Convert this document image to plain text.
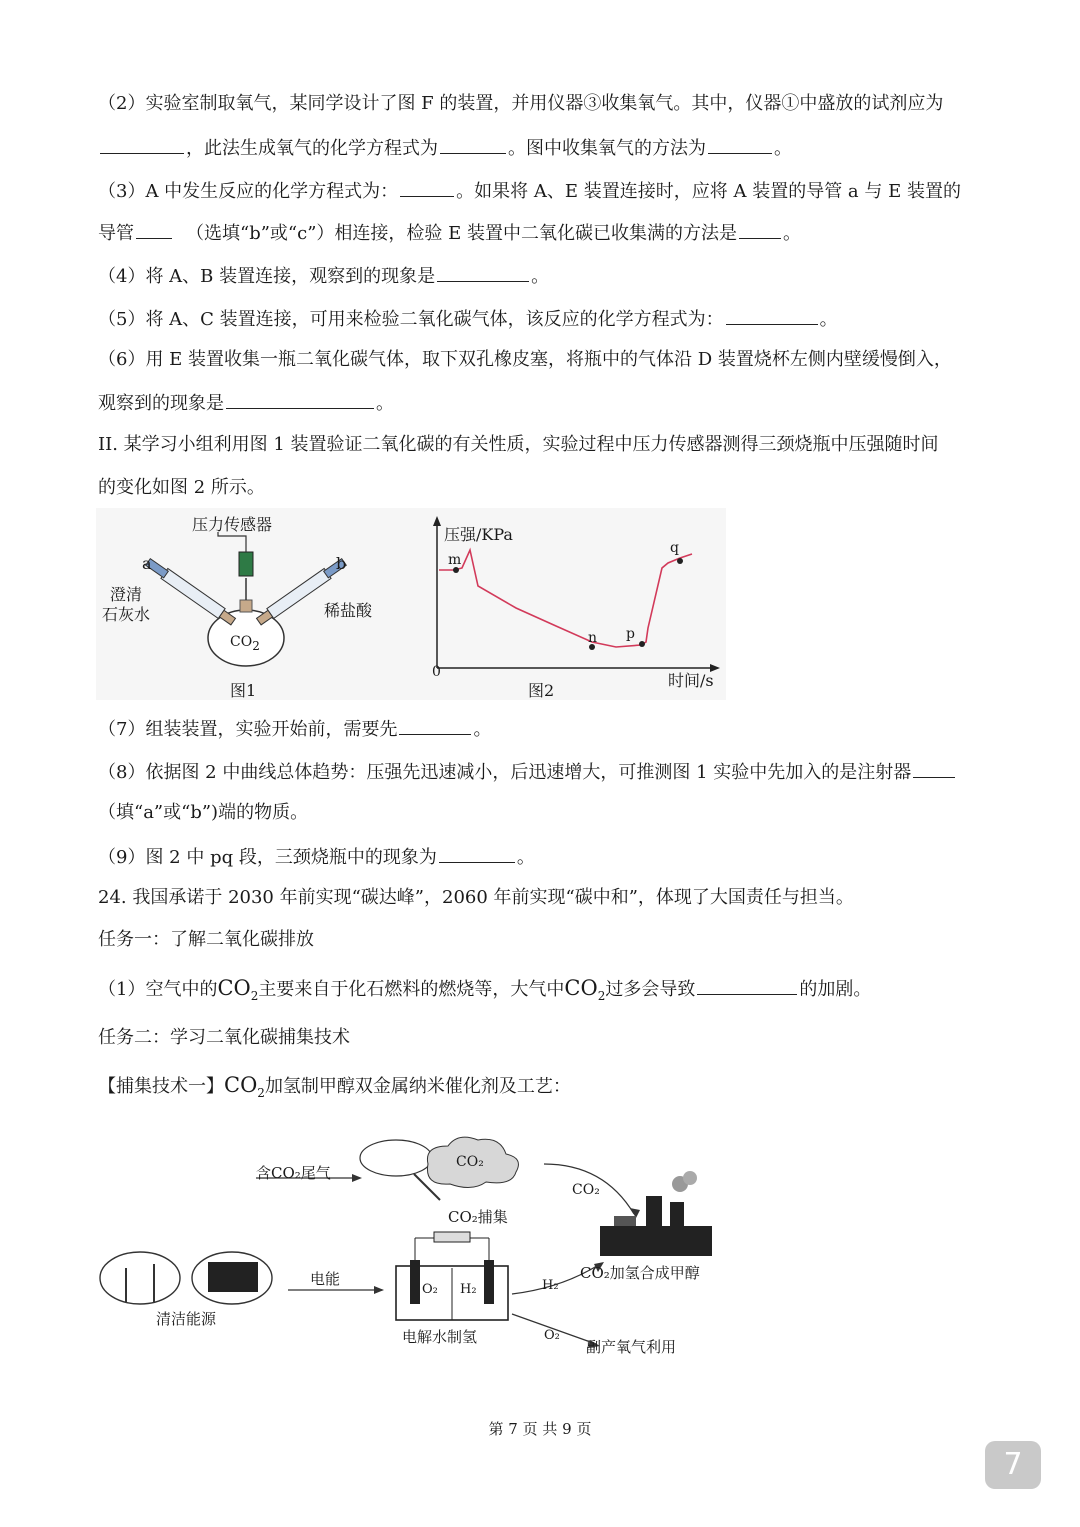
（2）实验室制取氧气，某同学设计了图 F 的装置，并用仪器③收集氧气。其中，仪器①中盛放的试剂应为
，此法生成氧气的化学方程式为	。图中收集氧气的方法为	。
（3）A 中发生反应的化学方程式为：	。如果将 A、E 装置连接时，应将 A 装置的导管 a 与 E 装置的
导管	（选填“b”或“c”）相连接，检验 E 装置中二氧化碳已收集满的方法是	。
（4）将 A、B 装置连接，观察到的现象是	。
（5）将 A、C 装置连接，可用来检验二氧化碳气体，该反应的化学方程式为：	。
（6）用 E 装置收集一瓶二氧化碳气体，取下双孔橡皮塞，将瓶中的气体沿 D 装置烧杯左侧内壁缓慢倒入，
观察到的现象是	。
II. 某学习小组利用图 1 装置验证二氧化碳的有关性质，实验过程中压力传感器测得三颈烧瓶中压强随时间
的变化如图 2 所示。
压力传感器
a	b
澄清
石灰水	稀盐酸
$CO_2$
图1
压强/KPa
0
m
n p
q
图2
时间/s
（7）组装装置，实验开始前，需要先	。
（8）依据图 2 中曲线总体趋势：压强先迅速减小，后迅速增大，可推测图 1 实验中先加入的是注射器
（填“a”或“b”)端的物质。
（9）图 2 中 pq 段，三颈烧瓶中的现象为	。
24. 我国承诺于 2030 年前实现“碳达峰”，2060 年前实现“碳中和”，体现了大国责任与担当。
任务一：了解二氧化碳排放
（1）空气中的$CO_2$主要来自于化石燃料的燃烧等，大气中$CO_2$过多会导致	的加剧。
任务二：学习二氧化碳捕集技术
【捕集技术一】$CO_2$加氢制甲醇双金属纳米催化剂及工艺：
含CO₂尾气
CO₂
CO₂捕集
CO₂
CO₂加氢合成甲醇
清洁能源
电能
O₂ H₂
电解水制氢
H₂
O₂
副产氧气利用
第 7 页 共 9 页
7
